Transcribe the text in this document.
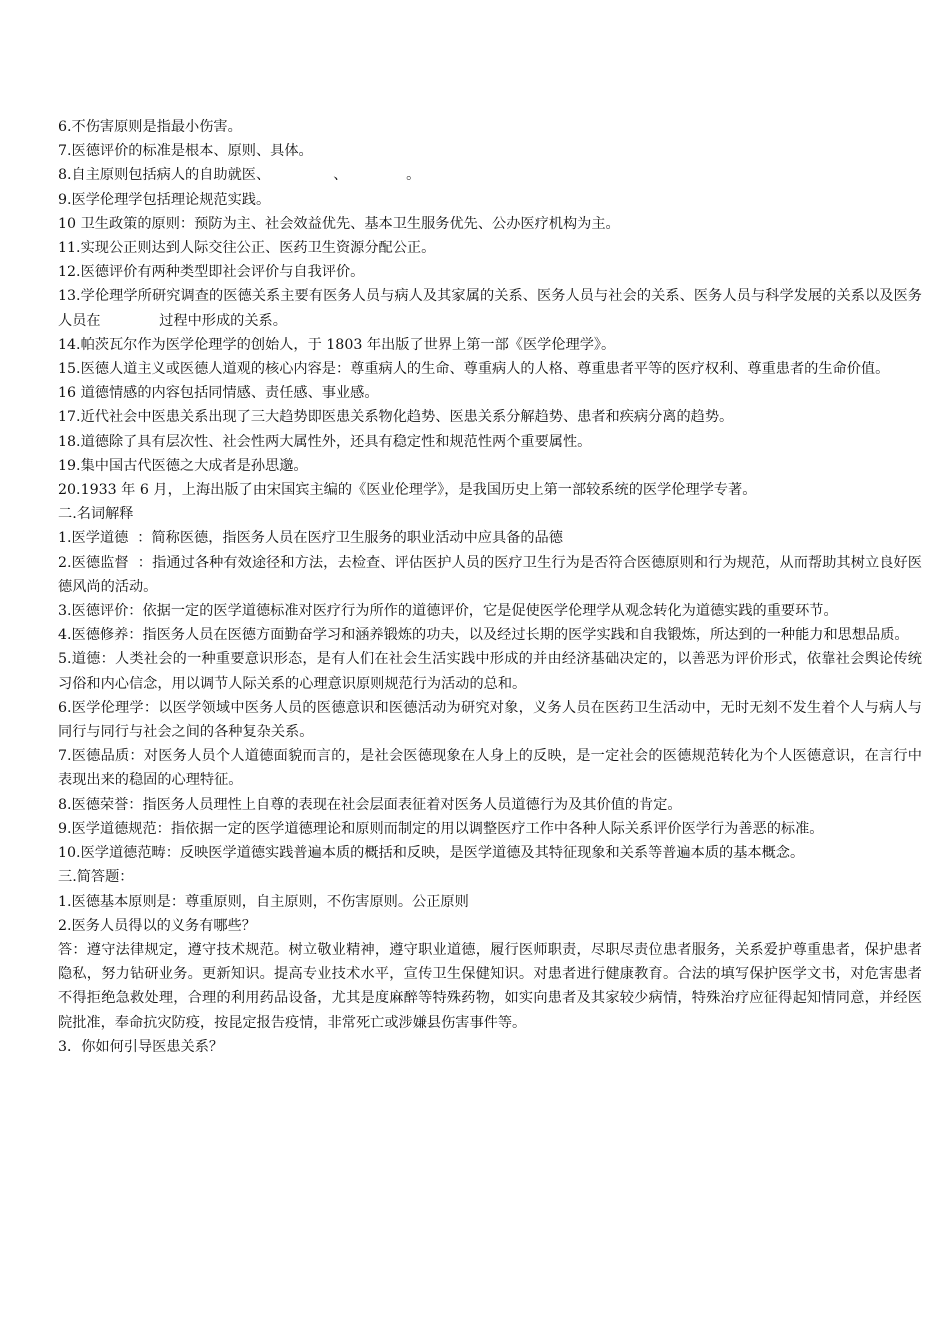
6.不伤害原则是指最小伤害。

7.医德评价的标准是根本、原则、具体。

8.自主原则包括病人的自助就医、              、             。

9.医学伦理学包括理论规范实践。

10 卫生政策的原则：预防为主、社会效益优先、基本卫生服务优先、公办医疗机构为主。

11.实现公正则达到人际交往公正、医药卫生资源分配公正。

12.医德评价有两种类型即社会评价与自我评价。

13.学伦理学所研究调查的医德关系主要有医务人员与病人及其家属的关系、医务人员与社会的关系、医务人员与科学发展的关系以及医务人员在             过程中形成的关系。

14.帕茨瓦尔作为医学伦理学的创始人，于 1803 年出版了世界上第一部《医学伦理学》。

15.医德人道主义或医德人道观的核心内容是：尊重病人的生命、尊重病人的人格、尊重患者平等的医疗权利、尊重患者的生命价值。

16 道德情感的内容包括同情感、责任感、事业感。

17.近代社会中医患关系出现了三大趋势即医患关系物化趋势、医患关系分解趋势、患者和疾病分离的趋势。

18.道德除了具有层次性、社会性两大属性外，还具有稳定性和规范性两个重要属性。

19.集中国古代医德之大成者是孙思邈。

20.1933 年 6 月，上海出版了由宋国宾主编的《医业伦理学》，是我国历史上第一部较系统的医学伦理学专著。

二.名词解释

1.医学道德  ：简称医德，指医务人员在医疗卫生服务的职业活动中应具备的品德

2.医德监督  ：指通过各种有效途径和方法，去检查、评估医护人员的医疗卫生行为是否符合医德原则和行为规范，从而帮助其树立良好医德风尚的活动。

3.医德评价：依据一定的医学道德标准对医疗行为所作的道德评价，它是促使医学伦理学从观念转化为道德实践的重要环节。

4.医德修养：指医务人员在医德方面勤奋学习和涵养锻炼的功夫，以及经过长期的医学实践和自我锻炼，所达到的一种能力和思想品质。

5.道德：人类社会的一种重要意识形态，是有人们在社会生活实践中形成的并由经济基础决定的，以善恶为评价形式，依靠社会舆论传统习俗和内心信念，用以调节人际关系的心理意识原则规范行为活动的总和。

6.医学伦理学：以医学领域中医务人员的医德意识和医德活动为研究对象，义务人员在医药卫生活动中，无时无刻不发生着个人与病人与同行与同行与社会之间的各种复杂关系。

7.医德品质：对医务人员个人道德面貌而言的，是社会医德现象在人身上的反映，是一定社会的医德规范转化为个人医德意识，在言行中表现出来的稳固的心理特征。

8.医德荣誉：指医务人员理性上自尊的表现在社会层面表征着对医务人员道德行为及其价值的肯定。

9.医学道德规范：指依据一定的医学道德理论和原则而制定的用以调整医疗工作中各种人际关系评价医学行为善恶的标准。

10.医学道德范畴：反映医学道德实践普遍本质的概括和反映，是医学道德及其特征现象和关系等普遍本质的基本概念。

三.简答题：

1.医德基本原则是：尊重原则，自主原则，不伤害原则。公正原则

2.医务人员得以的义务有哪些？

答：遵守法律规定，遵守技术规范。树立敬业精神，遵守职业道德，履行医师职责，尽职尽责位患者服务，关系爱护尊重患者，保护患者隐私，努力钻研业务。更新知识。提高专业技术水平，宣传卫生保健知识。对患者进行健康教育。合法的填写保护医学文书，对危害患者不得拒绝急救处理，合理的利用药品设备，尤其是度麻醉等特殊药物，如实向患者及其家较少病情，特殊治疗应征得起知情同意，并经医院批准，奉命抗灾防疫，按昆定报告疫情，非常死亡或涉嫌县伤害事件等。

3．你如何引导医患关系？
